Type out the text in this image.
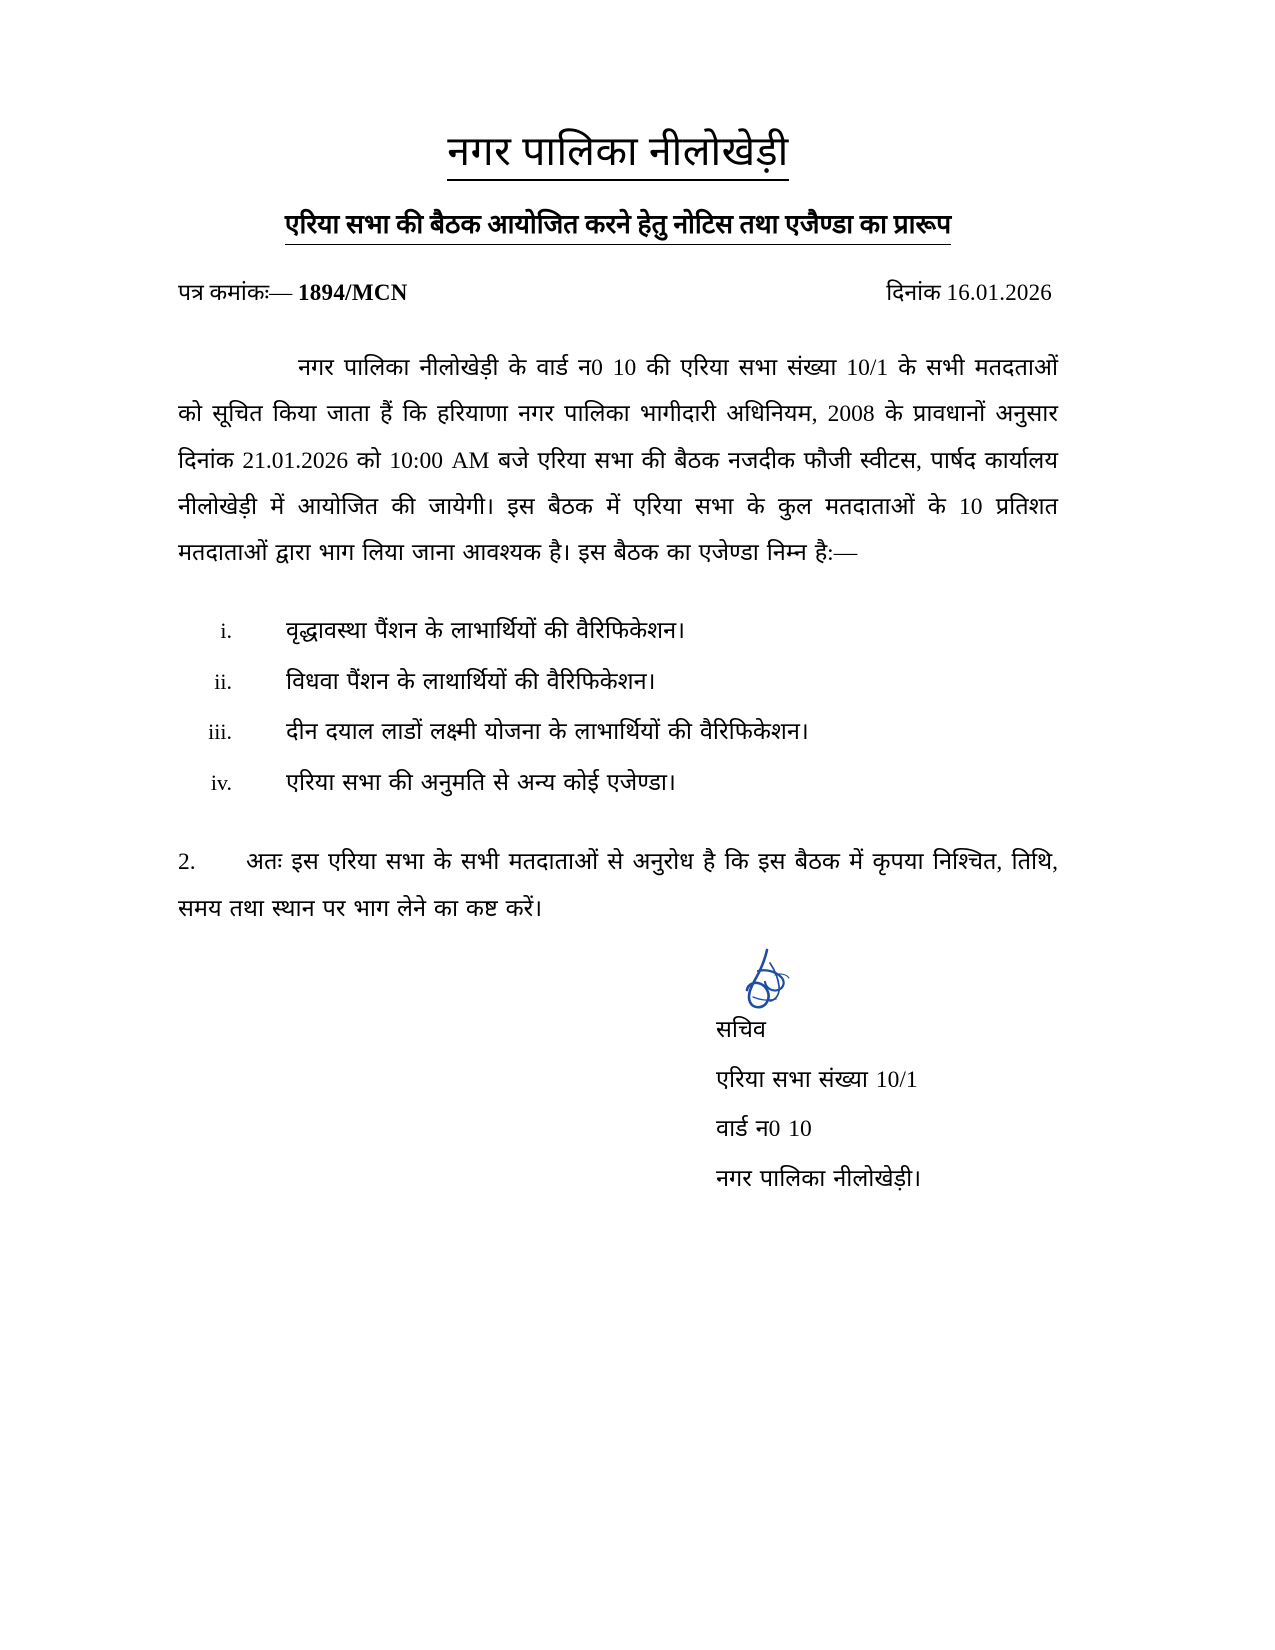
नगर पालिका नीलोखेड़ी
एरिया सभा की बैठक आयोजित करने हेतु नोटिस तथा एजैण्डा का प्रारूप
पत्र कमांकः— 1894/MCN	दिनांक 16.01.2026

नगर पालिका नीलोखेड़ी के वार्ड न0 10 की एरिया सभा संख्या 10/1 के सभी मतदताओं को सूचित किया जाता हैं कि हरियाणा नगर पालिका भागीदारी अधिनियम, 2008 के प्रावधानों अनुसार दिनांक 21.01.2026 को 10:00 AM बजे एरिया सभा की बैठक नजदीक फौजी स्वीटस, पार्षद कार्यालय नीलोखेड़ी में आयोजित की जायेगी। इस बैठक में एरिया सभा के कुल मतदाताओं के 10 प्रतिशत मतदाताओं द्वारा भाग लिया जाना आवश्यक है। इस बैठक का एजेण्डा निम्न है:—

i.	वृद्धावस्था पैंशन के लाभार्थियों की वैरिफिकेशन।
ii.	विधवा पैंशन के लाथार्थियों की वैरिफिकेशन।
iii.	दीन दयाल लाडों लक्ष्मी योजना के लाभार्थियों की वैरिफिकेशन।
iv.	एरिया सभा की अनुमति से अन्य कोई एजेण्डा।

2. अतः इस एरिया सभा के सभी मतदाताओं से अनुरोध है कि इस बैठक में कृपया निश्चित, तिथि, समय तथा स्थान पर भाग लेने का कष्ट करें।

सचिव
एरिया सभा संख्या 10/1
वार्ड न0 10
नगर पालिका नीलोखेड़ी।
